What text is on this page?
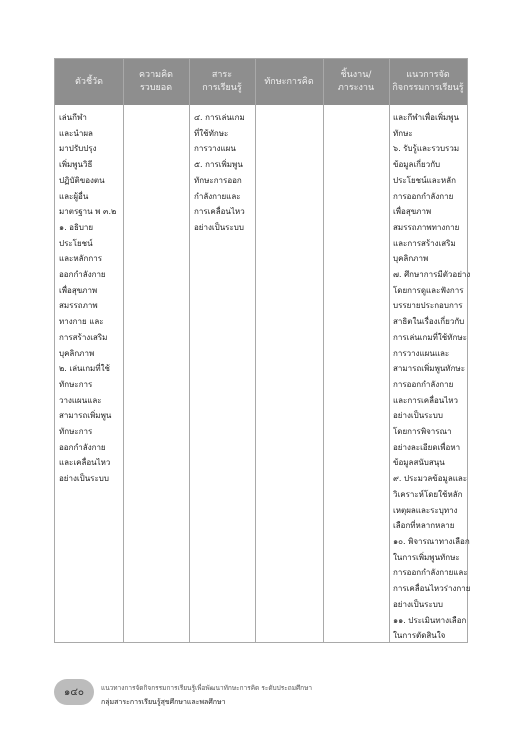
ตัวชี้วัด
ความคิด
รวบยอด
สาระ
การเรียนรู้
ทักษะการคิด
ชิ้นงาน/
ภาระงาน
แนวการจัด
กิจกรรมการเรียนรู้
เล่นกีฬา
และนำผล
มาปรับปรุง
เพิ่มพูนวิธี
ปฏิบัติของตน
และผู้อื่น
มาตรฐาน พ ๓.๒
๑. อธิบาย
ประโยชน์
และหลักการ
ออกกำลังกาย
เพื่อสุขภาพ
สมรรถภาพ
ทางกาย และ
การสร้างเสริม
บุคลิกภาพ
๒. เล่นเกมที่ใช้
ทักษะการ
วางแผนและ
สามารถเพิ่มพูน
ทักษะการ
ออกกำลังกาย
และเคลื่อนไหว
อย่างเป็นระบบ
๔. การเล่นเกม
ที่ใช้ทักษะ
การวางแผน
๕. การเพิ่มพูน
ทักษะการออก
กำลังกายและ
การเคลื่อนไหว
อย่างเป็นระบบ
และกีฬาเพื่อเพิ่มพูน
ทักษะ
๖. รับรู้และรวบรวม
ข้อมูลเกี่ยวกับ
ประโยชน์และหลัก
การออกกำลังกาย
เพื่อสุขภาพ
สมรรถภาพทางกาย
และการสร้างเสริม
บุคลิกภาพ
๗. ศึกษาการมีตัวอย่าง
โดยการดูและฟังการ
บรรยายประกอบการ
สาธิตในเรื่องเกี่ยวกับ
การเล่นเกมที่ใช้ทักษะ
การวางแผนและ
สามารถเพิ่มพูนทักษะ
การออกกำลังกาย
และการเคลื่อนไหว
อย่างเป็นระบบ
โดยการพิจารณา
อย่างละเอียดเพื่อหา
ข้อมูลสนับสนุน
๙. ประมวลข้อมูลและ
วิเคราะห์โดยใช้หลัก
เหตุผลและระบุทาง
เลือกที่หลากหลาย
๑๐. พิจารณาทางเลือก
ในการเพิ่มพูนทักษะ
การออกกำลังกายและ
การเคลื่อนไหวร่างกาย
อย่างเป็นระบบ
๑๑. ประเมินทางเลือก
ในการตัดสินใจ
๑๔๐	แนวทางการจัดกิจกรรมการเรียนรู้เพื่อพัฒนาทักษะการคิด ระดับประถมศึกษา
กลุ่มสาระการเรียนรู้สุขศึกษาและพลศึกษา
